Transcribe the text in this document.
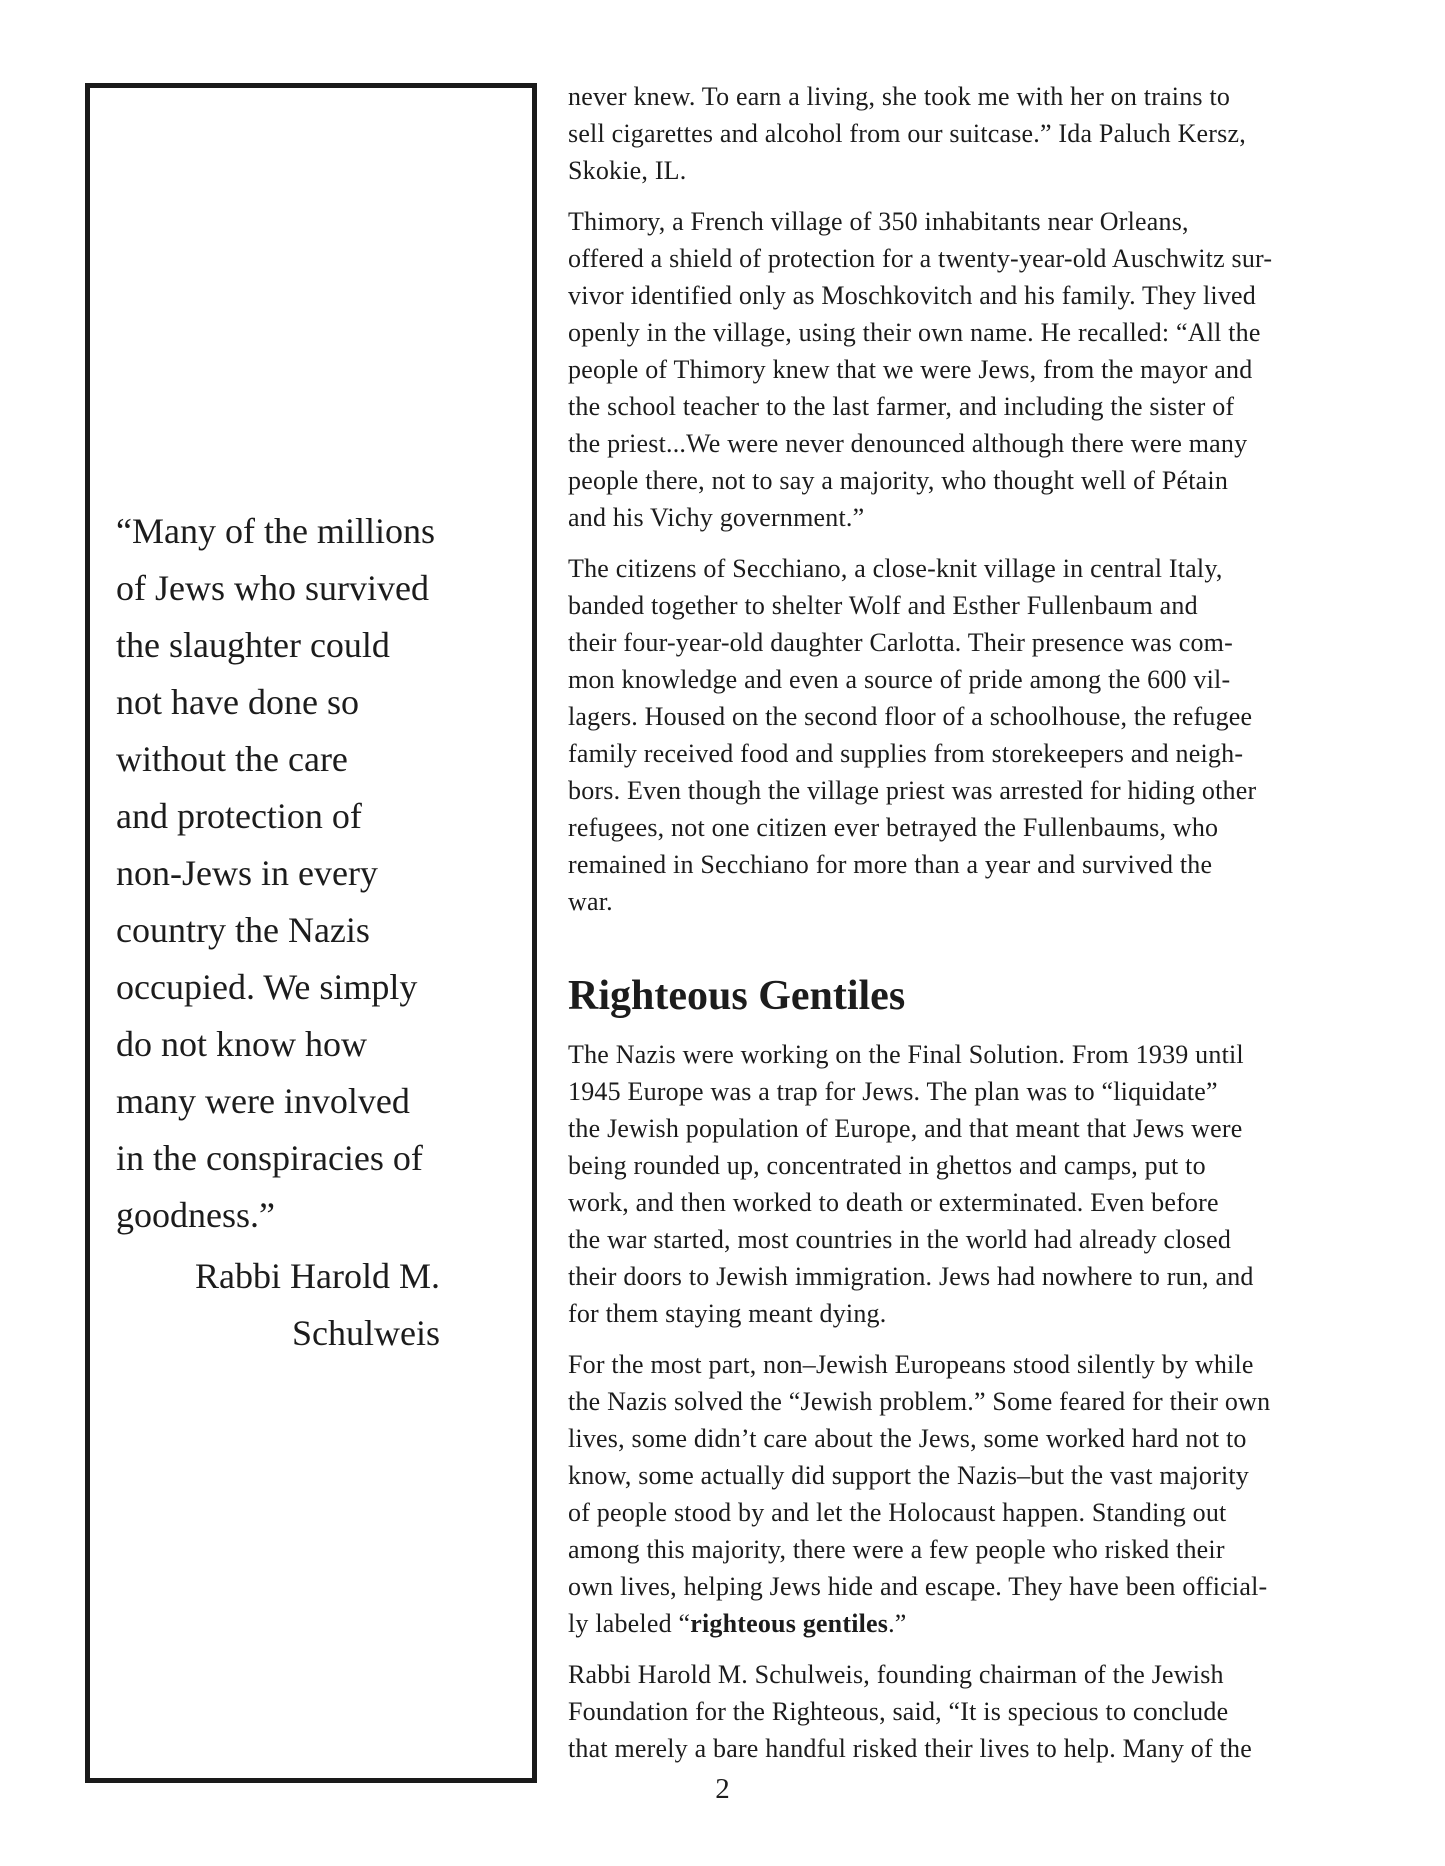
“Many of the millions
of Jews who survived
the slaughter could
not have done so
without the care
and protection of
non-Jews in every
country the Nazis
occupied. We simply
do not know how
many were involved
in the conspiracies of
goodness.”
Rabbi Harold M.
Schulweis

never knew. To earn a living, she took me with her on trains to
sell cigarettes and alcohol from our suitcase.” Ida Paluch Kersz,
Skokie, IL.

Thimory, a French village of 350 inhabitants near Orleans,
offered a shield of protection for a twenty-year-old Auschwitz sur-
vivor identified only as Moschkovitch and his family. They lived
openly in the village, using their own name. He recalled: “All the
people of Thimory knew that we were Jews, from the mayor and
the school teacher to the last farmer, and including the sister of
the priest...We were never denounced although there were many
people there, not to say a majority, who thought well of Pétain
and his Vichy government.”

The citizens of Secchiano, a close-knit village in central Italy,
banded together to shelter Wolf and Esther Fullenbaum and
their four-year-old daughter Carlotta. Their presence was com-
mon knowledge and even a source of pride among the 600 vil-
lagers. Housed on the second floor of a schoolhouse, the refugee
family received food and supplies from storekeepers and neigh-
bors. Even though the village priest was arrested for hiding other
refugees, not one citizen ever betrayed the Fullenbaums, who
remained in Secchiano for more than a year and survived the
war.

Righteous Gentiles

The Nazis were working on the Final Solution. From 1939 until
1945 Europe was a trap for Jews. The plan was to “liquidate”
the Jewish population of Europe, and that meant that Jews were
being rounded up, concentrated in ghettos and camps, put to
work, and then worked to death or exterminated. Even before
the war started, most countries in the world had already closed
their doors to Jewish immigration. Jews had nowhere to run, and
for them staying meant dying.

For the most part, non–Jewish Europeans stood silently by while
the Nazis solved the “Jewish problem.” Some feared for their own
lives, some didn’t care about the Jews, some worked hard not to
know, some actually did support the Nazis–but the vast majority
of people stood by and let the Holocaust happen. Standing out
among this majority, there were a few people who risked their
own lives, helping Jews hide and escape. They have been official-
ly labeled “righteous gentiles.”

Rabbi Harold M. Schulweis, founding chairman of the Jewish
Foundation for the Righteous, said, “It is specious to conclude
that merely a bare handful risked their lives to help. Many of the

2
